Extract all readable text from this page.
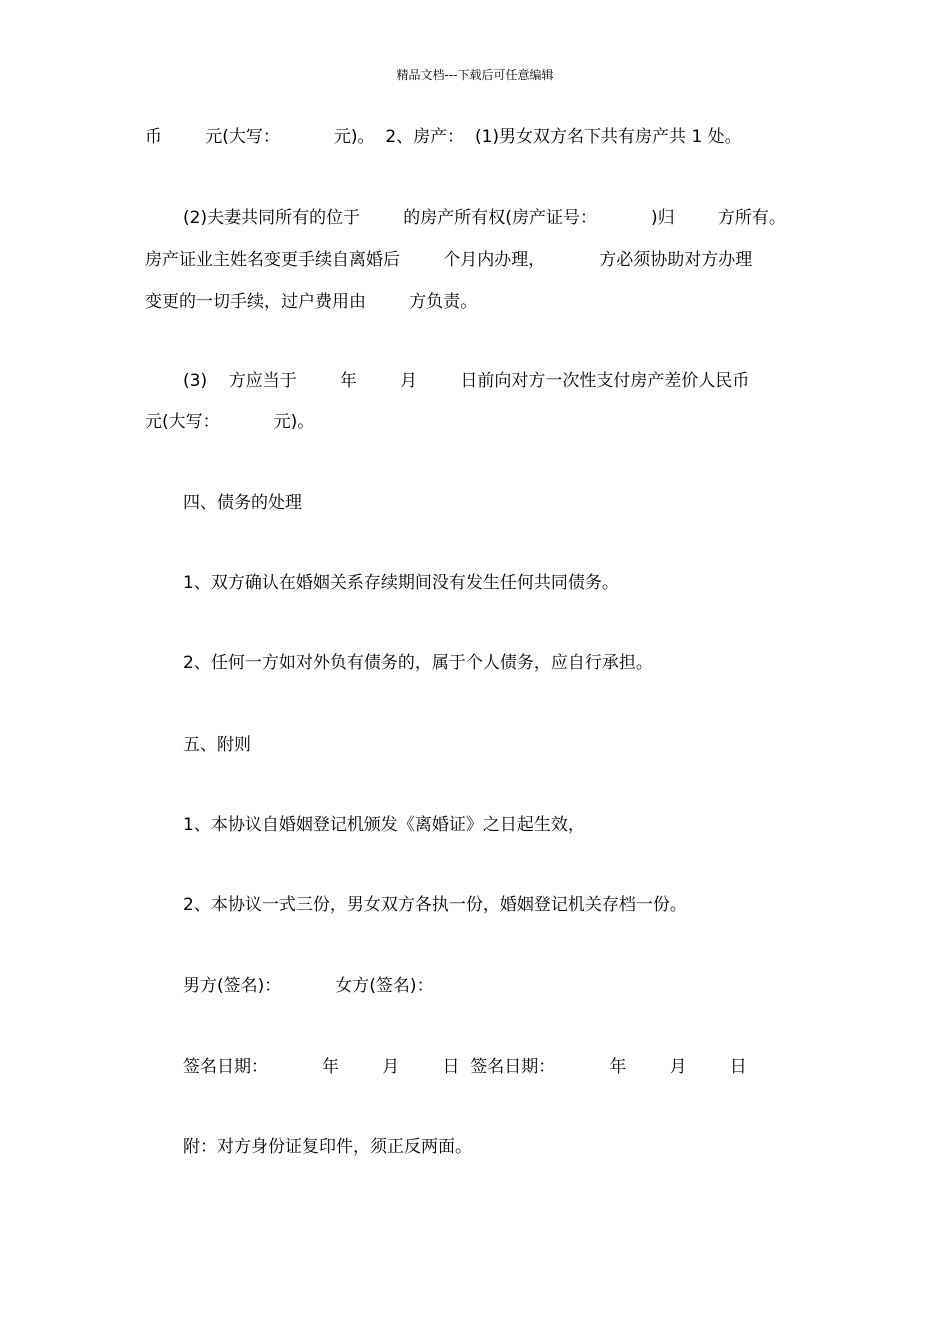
精品文档---下载后可任意编辑
币        元(大写：          元)。  2、房产：  (1)男女双方名下共有房产共 1 处。
(2)夫妻共同所有的位于        的房产所有权(房产证号：          )归        方所有。
房产证业主姓名变更手续自离婚后        个月内办理，          方必须协助对方办理
变更的一切手续，过户费用由        方负责。
(3)    方应当于        年        月        日前向对方一次性支付房产差价人民币
元(大写：          元)。
四、债务的处理
1、双方确认在婚姻关系存续期间没有发生任何共同债务。
2、任何一方如对外负有债务的，属于个人债务，应自行承担。
五、附则
1、本协议自婚姻登记机颁发《离婚证》之日起生效，
2、本协议一式三份，男女双方各执一份，婚姻登记机关存档一份。
男方(签名)：          女方(签名)：
签名日期：          年        月        日  签名日期：          年        月        日
附：对方身份证复印件，须正反两面。
